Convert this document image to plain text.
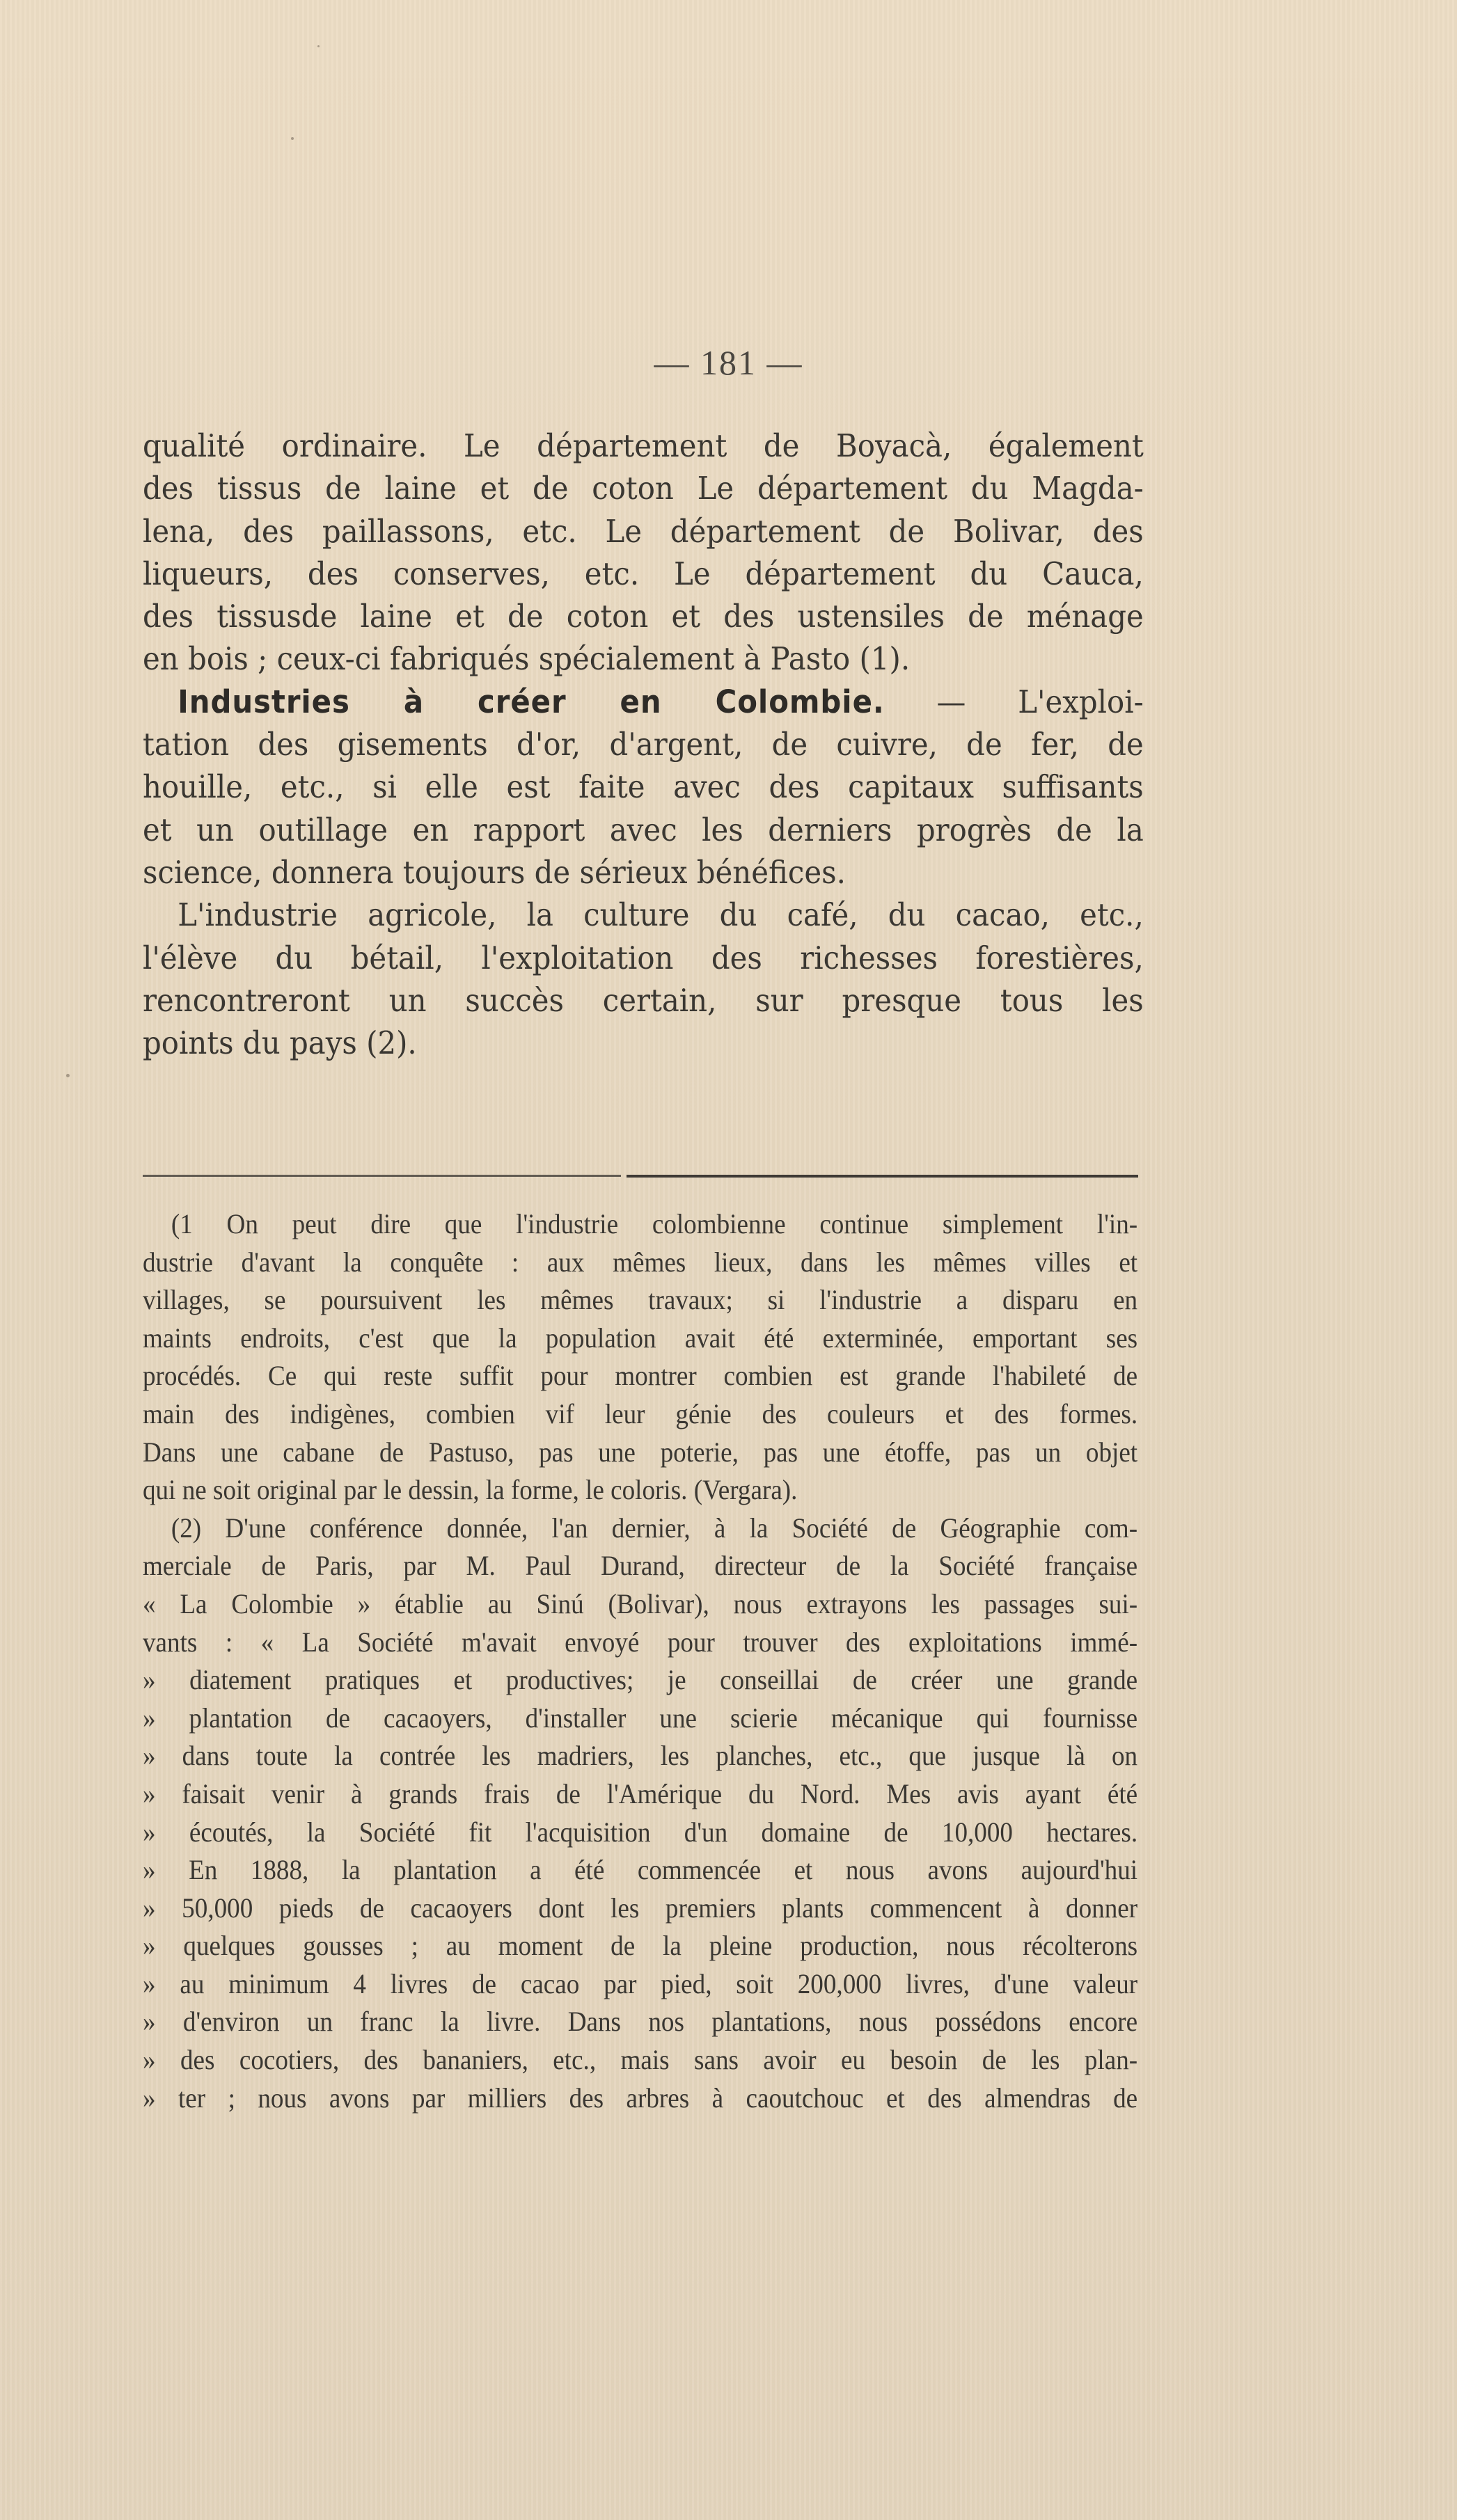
— 181 —
qualité ordinaire. Le département de Boyacà, également
des tissus de laine et de coton Le département du Magda-
lena, des paillassons, etc. Le département de Bolivar, des
liqueurs, des conserves, etc. Le département du Cauca,
des tissusde laine et de coton et des ustensiles de ménage
en bois ; ceux-ci fabriqués spécialement à Pasto (1).
Industries à créer en Colombie. — L'exploi-
tation des gisements d'or, d'argent, de cuivre, de fer, de
houille, etc., si elle est faite avec des capitaux suffisants
et un outillage en rapport avec les derniers progrès de la
science, donnera toujours de sérieux bénéfices.
L'industrie agricole, la culture du café, du cacao, etc.,
l'élève du bétail, l'exploitation des richesses forestières,
rencontreront un succès certain, sur presque tous les
points du pays (2).
(1 On peut dire que l'industrie colombienne continue simplement l'in-
dustrie d'avant la conquête : aux mêmes lieux, dans les mêmes villes et
villages, se poursuivent les mêmes travaux; si l'industrie a disparu en
maints endroits, c'est que la population avait été exterminée, emportant ses
procédés. Ce qui reste suffit pour montrer combien est grande l'habileté de
main des indigènes, combien vif leur génie des couleurs et des formes.
Dans une cabane de Pastuso, pas une poterie, pas une étoffe, pas un objet
qui ne soit original par le dessin, la forme, le coloris. (Vergara).
(2) D'une conférence donnée, l'an dernier, à la Société de Géographie com-
merciale de Paris, par M. Paul Durand, directeur de la Société française
« La Colombie » établie au Sinú (Bolivar), nous extrayons les passages sui-
vants : « La Société m'avait envoyé pour trouver des exploitations immé-
» diatement pratiques et productives; je conseillai de créer une grande
» plantation de cacaoyers, d'installer une scierie mécanique qui fournisse
» dans toute la contrée les madriers, les planches, etc., que jusque là on
» faisait venir à grands frais de l'Amérique du Nord. Mes avis ayant été
» écoutés, la Société fit l'acquisition d'un domaine de 10,000 hectares.
» En 1888, la plantation a été commencée et nous avons aujourd'hui
» 50,000 pieds de cacaoyers dont les premiers plants commencent à donner
» quelques gousses ; au moment de la pleine production, nous récolterons
» au minimum 4 livres de cacao par pied, soit 200,000 livres, d'une valeur
» d'environ un franc la livre. Dans nos plantations, nous possédons encore
» des cocotiers, des bananiers, etc., mais sans avoir eu besoin de les plan-
» ter ; nous avons par milliers des arbres à caoutchouc et des almendras de
